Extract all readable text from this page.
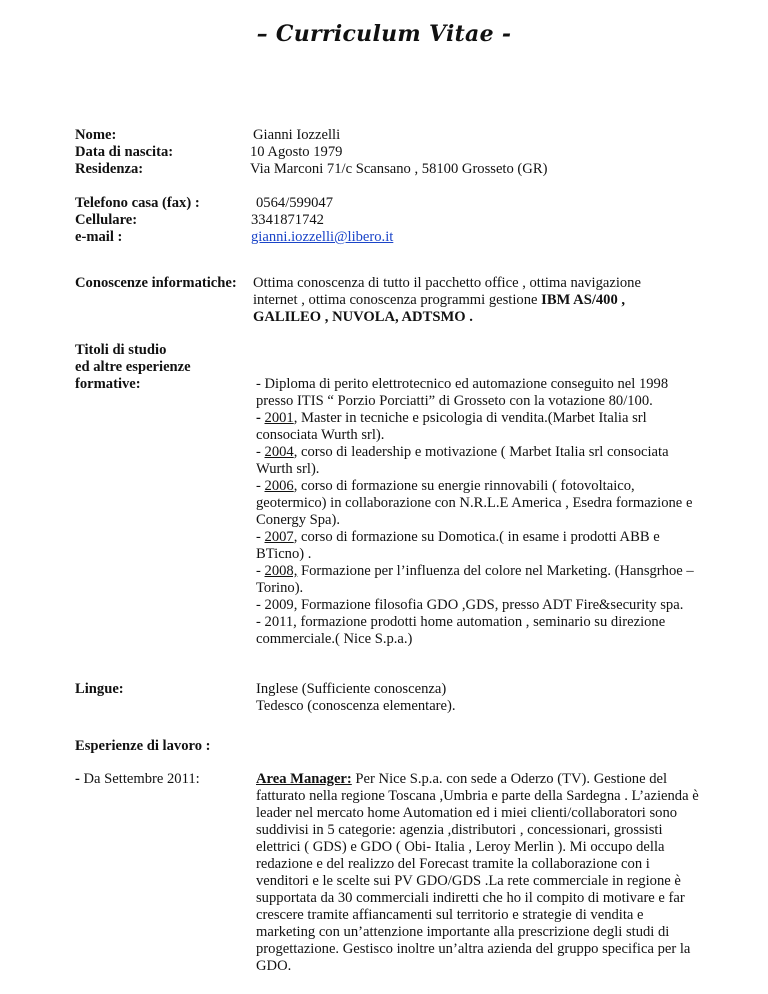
– Curriculum Vitae -
Nome:	Gianni Iozzelli
Data di nascita:	10 Agosto 1979
Residenza:	Via Marconi 71/c Scansano , 58100 Grosseto (GR)
Telefono casa (fax) :	0564/599047
Cellulare:	3341871742
e-mail :	gianni.iozzelli@libero.it
Conoscenze informatiche: Ottima conoscenza di tutto il pacchetto office , ottima navigazione

internet , ottima conoscenza programmi gestione IBM AS/400 ,

GALILEO , NUVOLA, ADTSMO .

Titoli di studio
ed altre esperienze
formative:	- Diploma di perito elettrotecnico ed automazione conseguito nel 1998 presso ITIS “ Porzio Porciatti” di Grosseto con la votazione 80/100.

- 2001, Master in tecniche e psicologia di vendita.(Marbet Italia srl consociata Wurth srl).

- 2004, corso di leadership e motivazione ( Marbet Italia srl consociata Wurth srl).

- 2006, corso di formazione su energie rinnovabili ( fotovoltaico, geotermico) in collaborazione con N.R.L.E America , Esedra formazione e Conergy Spa).

- 2007, corso di formazione su Domotica.( in esame i prodotti ABB e BTicno) .

- 2008, Formazione per l’influenza del colore nel Marketing. (Hansgrhoe – Torino).

- 2009, Formazione filosofia GDO ,GDS, presso ADT Fire&security spa.

- 2011, formazione prodotti home automation , seminario su direzione commerciale.( Nice S.p.a.)

Lingue:	Inglese (Sufficiente conoscenza)

Tedesco (conoscenza elementare).

Esperienze di lavoro :
- Da Settembre 2011:	Area Manager: Per Nice S.p.a. con sede a Oderzo (TV). Gestione del fatturato nella regione Toscana ,Umbria e parte della Sardegna . L’azienda è leader nel mercato home Automation ed i miei clienti/collaboratori sono suddivisi in 5 categorie: agenzia ,distributori , concessionari, grossisti elettrici ( GDS) e GDO ( Obi- Italia , Leroy Merlin ). Mi occupo della redazione e del realizzo del Forecast tramite la collaborazione con i venditori e le scelte sui PV GDO/GDS .La rete commerciale in regione è supportata da 30 commerciali indiretti che ho il compito di motivare e far crescere tramite affiancamenti sul territorio e strategie di vendita e marketing con un’attenzione importante alla prescrizione degli studi di progettazione. Gestisco inoltre un’altra azienda del gruppo specifica per la GDO.
